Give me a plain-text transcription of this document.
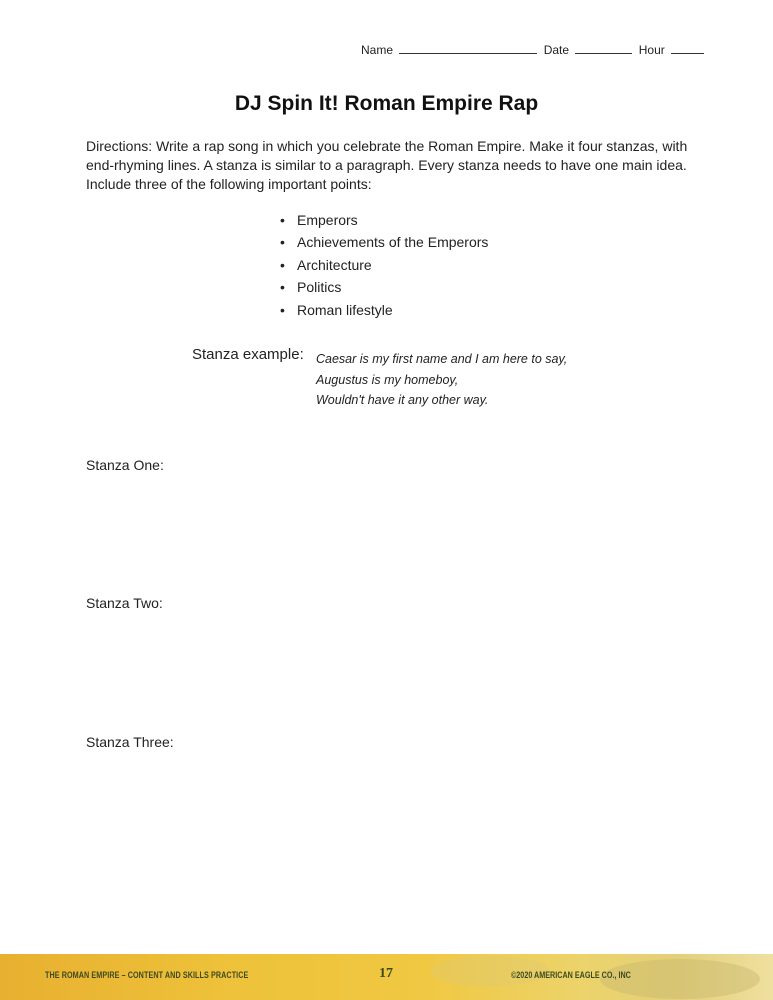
Name	Date	Hour
DJ Spin It! Roman Empire Rap
Directions: Write a rap song in which you celebrate the Roman Empire. Make it four stanzas, with end-rhyming lines. A stanza is similar to a paragraph. Every stanza needs to have one main idea. Include three of the following important points:
• Emperors
• Achievements of the Emperors
• Architecture
• Politics
• Roman lifestyle
Stanza example: Caesar is my first name and I am here to say,
Augustus is my homeboy,
Wouldn't have it any other way.
Stanza One:
Stanza Two:
Stanza Three:
THE ROMAN EMPIRE – CONTENT AND SKILLS PRACTICE	17	©2020 AMERICAN EAGLE CO., INC
